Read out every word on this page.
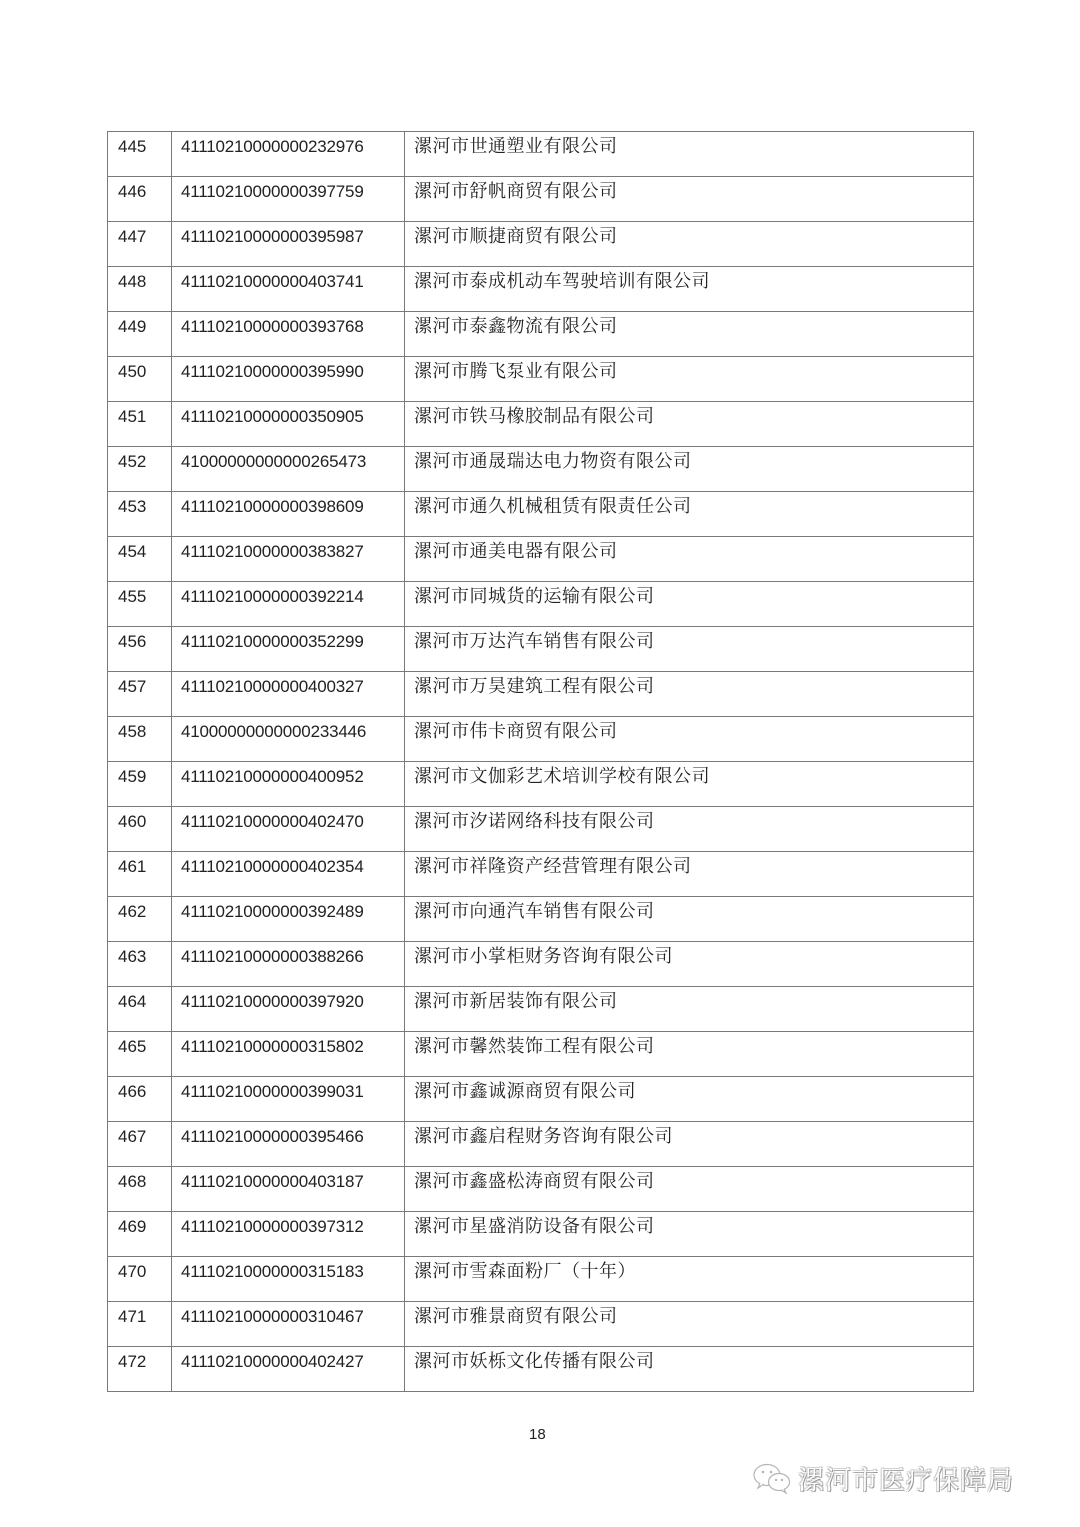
445	41110210000000232976	漯河市世通塑业有限公司

446	41110210000000397759	漯河市舒帆商贸有限公司

447	41110210000000395987	漯河市顺捷商贸有限公司

448	41110210000000403741	漯河市泰成机动车驾驶培训有限公司

449	41110210000000393768	漯河市泰鑫物流有限公司

450	41110210000000395990	漯河市腾飞泵业有限公司

451	41110210000000350905	漯河市铁马橡胶制品有限公司

452	41000000000000265473	漯河市通晟瑞达电力物资有限公司

453	41110210000000398609	漯河市通久机械租赁有限责任公司

454	41110210000000383827	漯河市通美电器有限公司

455	41110210000000392214	漯河市同城货的运输有限公司

456	41110210000000352299	漯河市万达汽车销售有限公司

457	41110210000000400327	漯河市万昊建筑工程有限公司

458	41000000000000233446	漯河市伟卡商贸有限公司

459	41110210000000400952	漯河市文伽彩艺术培训学校有限公司

460	41110210000000402470	漯河市汐诺网络科技有限公司

461	41110210000000402354	漯河市祥隆资产经营管理有限公司

462	41110210000000392489	漯河市向通汽车销售有限公司

463	41110210000000388266	漯河市小掌柜财务咨询有限公司

464	41110210000000397920	漯河市新居装饰有限公司

465	41110210000000315802	漯河市馨然装饰工程有限公司

466	41110210000000399031	漯河市鑫诚源商贸有限公司

467	41110210000000395466	漯河市鑫启程财务咨询有限公司

468	41110210000000403187	漯河市鑫盛松涛商贸有限公司

469	41110210000000397312	漯河市星盛消防设备有限公司

470	41110210000000315183	漯河市雪森面粉厂（十年）

471	41110210000000310467	漯河市雅景商贸有限公司

472	41110210000000402427	漯河市妖栎文化传播有限公司
18
漯河市医疗保障局
